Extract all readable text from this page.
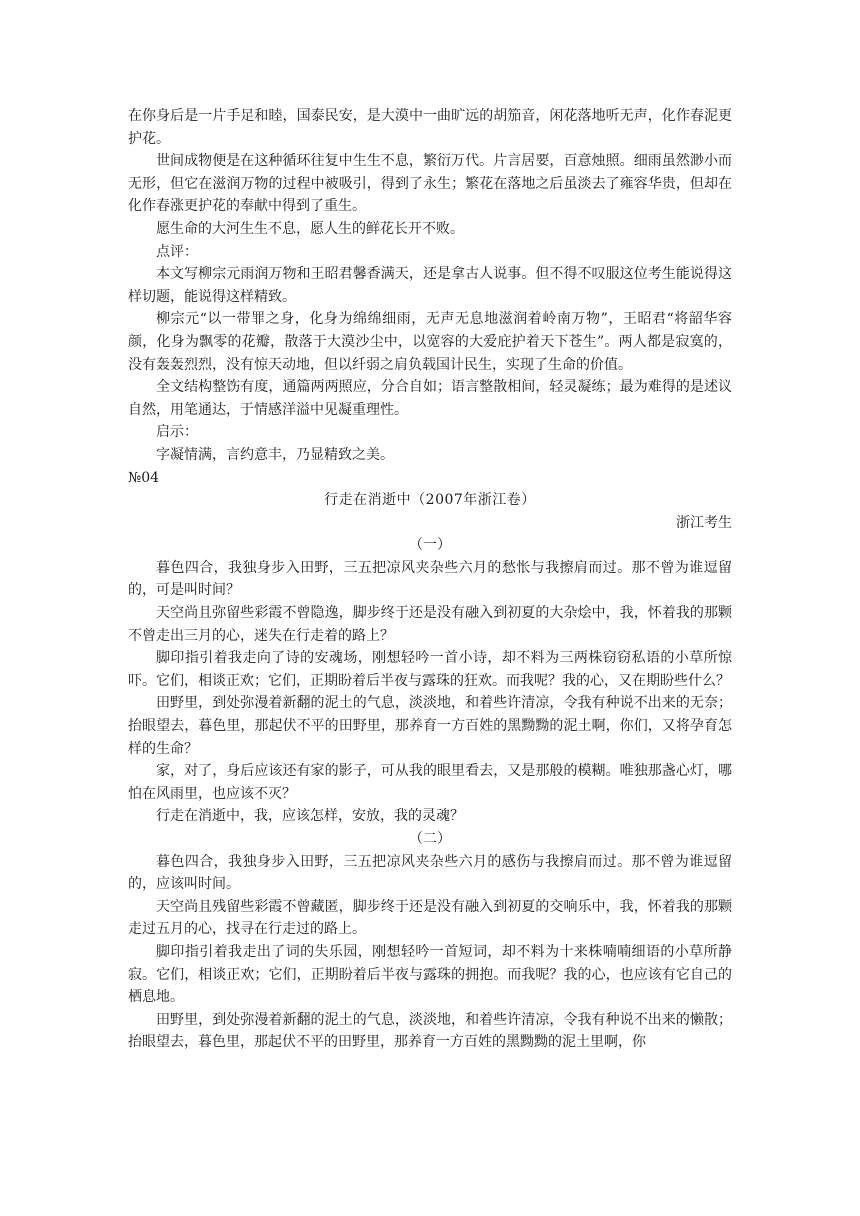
在你身后是一片手足和睦，国泰民安，是大漠中一曲旷远的胡笳音，闲花落地听无声，化作春泥更护花。

世间成物便是在这种循环往复中生生不息，繁衍万代。片言居要，百意烛照。细雨虽然渺小而无形，但它在滋润万物的过程中被吸引，得到了永生；繁花在落地之后虽淡去了雍容华贵，但却在化作春涨更护花的奉献中得到了重生。

愿生命的大河生生不息，愿人生的鲜花长开不败。

点评：

本文写柳宗元雨润万物和王昭君馨香满天，还是拿古人说事。但不得不叹服这位考生能说得这样切题，能说得这样精致。

柳宗元“以一带罪之身，化身为绵绵细雨，无声无息地滋润着岭南万物”，王昭君“将韶华容颜，化身为飘零的花瓣，散落于大漠沙尘中，以宽容的大爱庇护着天下苍生”。两人都是寂寞的，没有轰轰烈烈，没有惊天动地，但以纤弱之肩负载国计民生，实现了生命的价值。

全文结构整饬有度，通篇两两照应，分合自如；语言整散相间，轻灵凝练；最为难得的是述议自然，用笔通达，于情感洋溢中见凝重理性。

启示：

字凝情满，言约意丰，乃显精致之美。

№04

行走在消逝中（2007年浙江卷）

浙江考生

（一）

暮色四合，我独身步入田野，三五把凉风夹杂些六月的愁怅与我擦肩而过。那不曾为谁逗留的，可是叫时间？

天空尚且弥留些彩霞不曾隐逸，脚步终于还是没有融入到初夏的大杂烩中，我，怀着我的那颗不曾走出三月的心，迷失在行走着的路上？

脚印指引着我走向了诗的安魂场，刚想轻吟一首小诗，却不料为三两株窃窃私语的小草所惊吓。它们，相谈正欢；它们，正期盼着后半夜与露珠的狂欢。而我呢？我的心，又在期盼些什么？

田野里，到处弥漫着新翻的泥土的气息，淡淡地，和着些许清凉，令我有种说不出来的无奈；抬眼望去，暮色里，那起伏不平的田野里，那养育一方百姓的黑黝黝的泥土啊，你们，又将孕育怎样的生命？

家，对了，身后应该还有家的影子，可从我的眼里看去，又是那般的模糊。唯独那盏心灯，哪怕在风雨里，也应该不灭？

行走在消逝中，我，应该怎样，安放，我的灵魂？

（二）

暮色四合，我独身步入田野，三五把凉风夹杂些六月的感伤与我擦肩而过。那不曾为谁逗留的，应该叫时间。

天空尚且残留些彩霞不曾藏匿，脚步终于还是没有融入到初夏的交响乐中，我，怀着我的那颗走过五月的心，找寻在行走过的路上。

脚印指引着我走出了词的失乐园，刚想轻吟一首短词，却不料为十来株喃喃细语的小草所静寂。它们，相谈正欢；它们，正期盼着后半夜与露珠的拥抱。而我呢？我的心，也应该有它自己的栖息地。

田野里，到处弥漫着新翻的泥土的气息，淡淡地，和着些许清凉，令我有种说不出来的懒散；抬眼望去，暮色里，那起伏不平的田野里，那养育一方百姓的黑黝黝的泥土里啊，你
